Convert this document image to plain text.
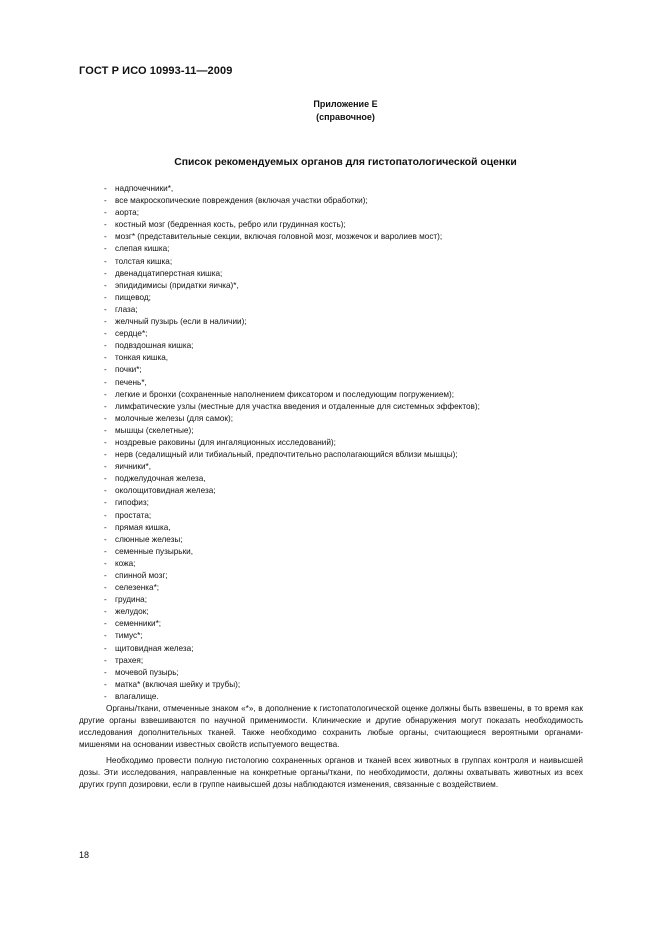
ГОСТ Р ИСО 10993-11—2009
Приложение Е
(справочное)
Список рекомендуемых органов для гистопатологической оценки
- надпочечники*,
- все макроскопические повреждения (включая участки обработки);
- аорта;
- костный мозг (бедренная кость, ребро или грудинная кость);
- мозг* (представительные секции, включая головной мозг, мозжечок и варолиев мост);
- слепая кишка;
- толстая кишка;
- двенадцатиперстная кишка;
- эпидидимисы (придатки яичка)*,
- пищевод;
- глаза;
- желчный пузырь (если в наличии);
- сердце*;
- подвздошная кишка;
- тонкая кишка,
- почки*;
- печень*,
- легкие и бронхи (сохраненные наполнением фиксатором и последующим погружением);
- лимфатические узлы (местные для участка введения и отдаленные для системных эффектов);
- молочные железы (для самок);
- мышцы (скелетные);
- ноздревые раковины (для ингаляционных исследований);
- нерв (седалищный или тибиальный, предпочтительно располагающийся вблизи мышцы);
- яичники*,
- поджелудочная железа,
- околощитовидная железа;
- гипофиз;
- простата;
- прямая кишка,
- слюнные железы;
- семенные пузырьки,
- кожа;
- спинной мозг;
- селезенка*;
- грудина;
- желудок;
- семенники*;
- тимус*;
- щитовидная железа;
- трахея;
- мочевой пузырь;
- матка* (включая шейку и трубы);
- влагалище.

Органы/ткани, отмеченные знаком «*», в дополнение к гистопатологической оценке должны быть взвешены, в то время как другие органы взвешиваются по научной применимости. Клинические и другие обнаружения могут показать необходимость исследования дополнительных тканей. Также необходимо сохранить любые органы, считающиеся вероятными органами-мишенями на основании известных свойств испытуемого вещества.

Необходимо провести полную гистологию сохраненных органов и тканей всех животных в группах контроля и наивысшей дозы. Эти исследования, направленные на конкретные органы/ткани, по необходимости, должны охватывать животных из всех других групп дозировки, если в группе наивысшей дозы наблюдаются изменения, связанные с воздействием.

18
